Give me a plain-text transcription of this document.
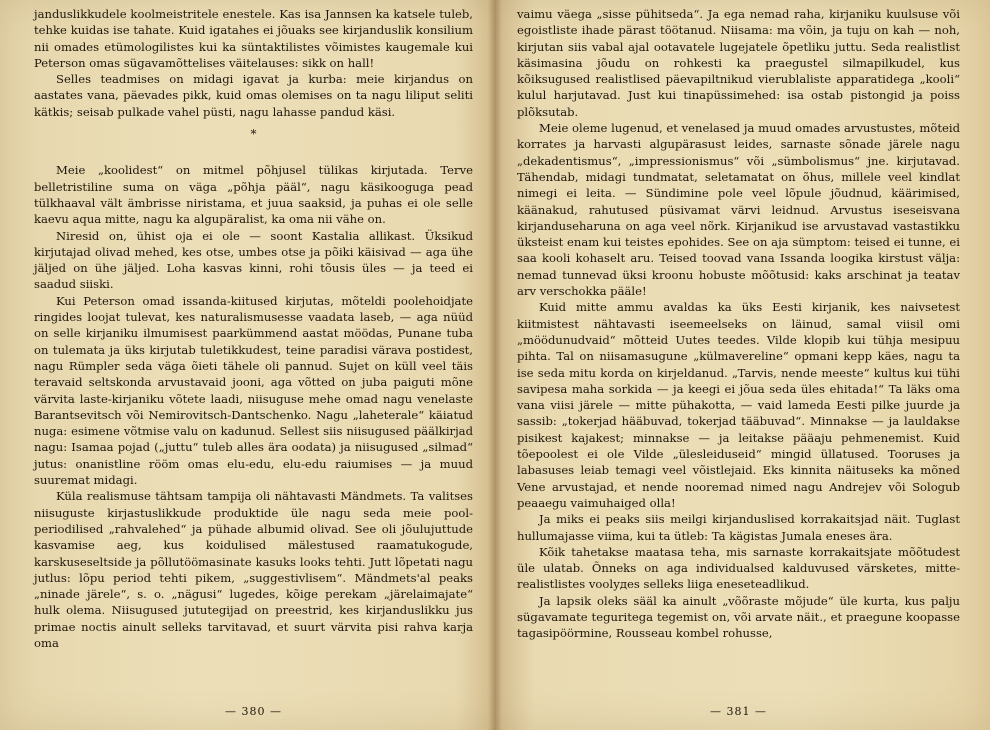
janduslikkudele koolmeistritele enestele. Kas isa Jannsen ka katsele tuleb, tehke kuidas ise tahate. Kuid igatahes ei jõuaks see kirjanduslik konsilium nii omades etümologilistes kui ka süntaktilistes võimistes kaugemale kui Peterson omas sügavamõttelises väitelauses: sikk on hall!

Selles teadmises on midagi igavat ja kurba: meie kirjandus on aastates vana, päevades pikk, kuid omas olemises on ta nagu liliput seliti kätkis; seisab pulkade vahel püsti, nagu lahasse pandud käsi.

*

Meie „koolidest“ on mitmel põhjusel tülikas kirjutada. Terve belletristiline suma on väga „põhja pääl“, nagu käsikooguga pead tülkhaaval vält ämbrisse niristama, et juua saaksid, ja puhas ei ole selle kaevu aqua mitte, nagu ka algupäralist, ka oma nii vähe on.

Niresid on, ühist oja ei ole — soont Kastalia allikast. Üksikud kirjutajad olivad mehed, kes otse, umbes otse ja põiki käisivad — aga ühe jäljed on ühe jäljed. Loha kasvas kinni, rohi tõusis üles — ja teed ei saadud siiski.

Kui Peterson omad issanda-kiitused kirjutas, mõteldi poolehoidjate ringides loojat tulevat, kes naturalismusesse vaadata laseb, — aga nüüd on selle kirjaniku ilmumisest paarkümmend aastat möödas, Punane tuba on tulemata ja üks kirjutab tuletikkudest, teine paradisi värava postidest, nagu Rümpler seda väga õieti tähele oli pannud. Sujet on küll veel täis teravaid seltskonda arvustavaid jooni, aga võtted on juba paiguti mõne värvita laste-kirjaniku võtete laadi, niisuguse mehe omad nagu venelaste Barantsevitsch või Nemirovitsch-Dantschenko. Nagu „laheterale“ käiatud nuga: esimene võtmise valu on kadunud. Sellest siis niisugused päälkirjad nagu: Isamaa pojad („juttu“ tuleb alles ära oodata) ja niisugused „silmad“ jutus: onanistline rööm omas elu-edu, elu-edu raiumises — ja muud suuremat midagi.

Küla realismuse tähtsam tampija oli nähtavasti Mändmets. Ta valitses niisuguste kirjastuslikkude produktide üle nagu seda meie pool-periodilised „rahvalehed“ ja pühade albumid olivad. See oli jõulujuttude kasvamise aeg, kus koidulised mälestused raamatukogude, karskuseseltside ja põllutöömasinate kasuks looks tehti. Jutt lõpetati nagu jutlus: lõpu period tehti pikem, „suggestivlisem“. Mändmets'al peaks „ninade järele“, s. o. „nägusi“ lugedes, kõige perekam „järelaimajate“ hulk olema. Niisugused jututegijad on preestrid, kes kirjanduslikku jus primae noctis ainult selleks tarvitavad, et suurt värvita pisi rahva karja oma

— 380 —

vaimu väega „sisse pühitseda“. Ja ega nemad raha, kirjaniku kuulsuse või egoistliste ihade pärast töötanud. Niisama: ma võin, ja tuju on kah — noh, kirjutan siis vabal ajal ootavatele lugejatele õpetliku juttu. Seda realistlist käsimasina jõudu on rohkesti ka praegustel silmapilkudel, kus kõiksugused realistlised päevapiltnikud vierublaliste apparatidega „kooli“ kulul harjutavad. Just kui tinapüssimehed: isa ostab pistongid ja poiss plõksutab.

Meie oleme lugenud, et venelased ja muud omades arvustustes, mõteid korrates ja harvasti algupärasust leides, sarnaste sõnade järele nagu „dekadentismus“, „impressionismus“ või „sümbolismus“ jne. kirjutavad. Tähendab, midagi tundmatat, seletamatat on õhus, millele veel kindlat nimegi ei leita. — Sündimine pole veel lõpule jõudnud, käärimised, käänakud, rahutused püsivamat värvi leidnud. Arvustus iseseisvana kirjanduseharuna on aga veel nõrk. Kirjanikud ise arvustavad vastastikku üksteist enam kui teistes epohides. See on aja sümptom: teised ei tunne, ei saa kooli kohaselt aru. Teised toovad vana Issanda loogika kirstust välja: nemad tunnevad üksi kroonu hobuste mõõtusid: kaks arschinat ja teatav arv verschokka pääle!

Kuid mitte ammu avaldas ka üks Eesti kirjanik, kes naivsetest kiitmistest nähtavasti iseemeelseks on läinud, samal viisil omi „möödunudvaid“ mõtteid Uutes teedes. Vilde klopib kui tühja mesipuu pihta. Tal on niisamasugune „külmavereline“ opmani kepp käes, nagu ta ise seda mitu korda on kirjeldanud. „Tarvis, nende meeste“ kultus kui tühi savipesa maha sorkida — ja keegi ei jõua seda üles ehitada!“ Ta läks oma vana viisi järele — mitte pühakotta, — vaid lameda Eesti pilke juurde ja sassib: „tokerjad hääbuvad, tokerjad tääbuvad“. Minnakse — ja lauldakse pisikest kajakest; minnakse — ja leitakse pääaju pehmenemist. Kuid tõepoolest ei ole Vilde „ülesleiduseid“ mingid üllatused. Tooruses ja labasuses leiab temagi veel võistlejaid. Eks kinnita näituseks ka mõned Vene arvustajad, et nende nooremad nimed nagu Andrejev või Sologub peaaegu vaimuhaiged olla!

Ja miks ei peaks siis meilgi kirjanduslised korrakaitsjad näit. Tuglast hullumajasse viima, kui ta ütleb: Ta kägistas Jumala eneses ära.

Kõik tahetakse maatasa teha, mis sarnaste korrakaitsjate mõõtudest üle ulatab. Õnneks on aga individualsed kalduvused värsketes, mitte-realistlistes voolудes selleks liiga eneseteadlikud.

Ja lapsik oleks sääl ka ainult „võõraste mõjude“ üle kurta, kus palju sügavamate teguritega tegemist on, või arvate näit., et praegune koopasse tagasipöörmine, Rousseau kombel rohusse,

— 381 —
